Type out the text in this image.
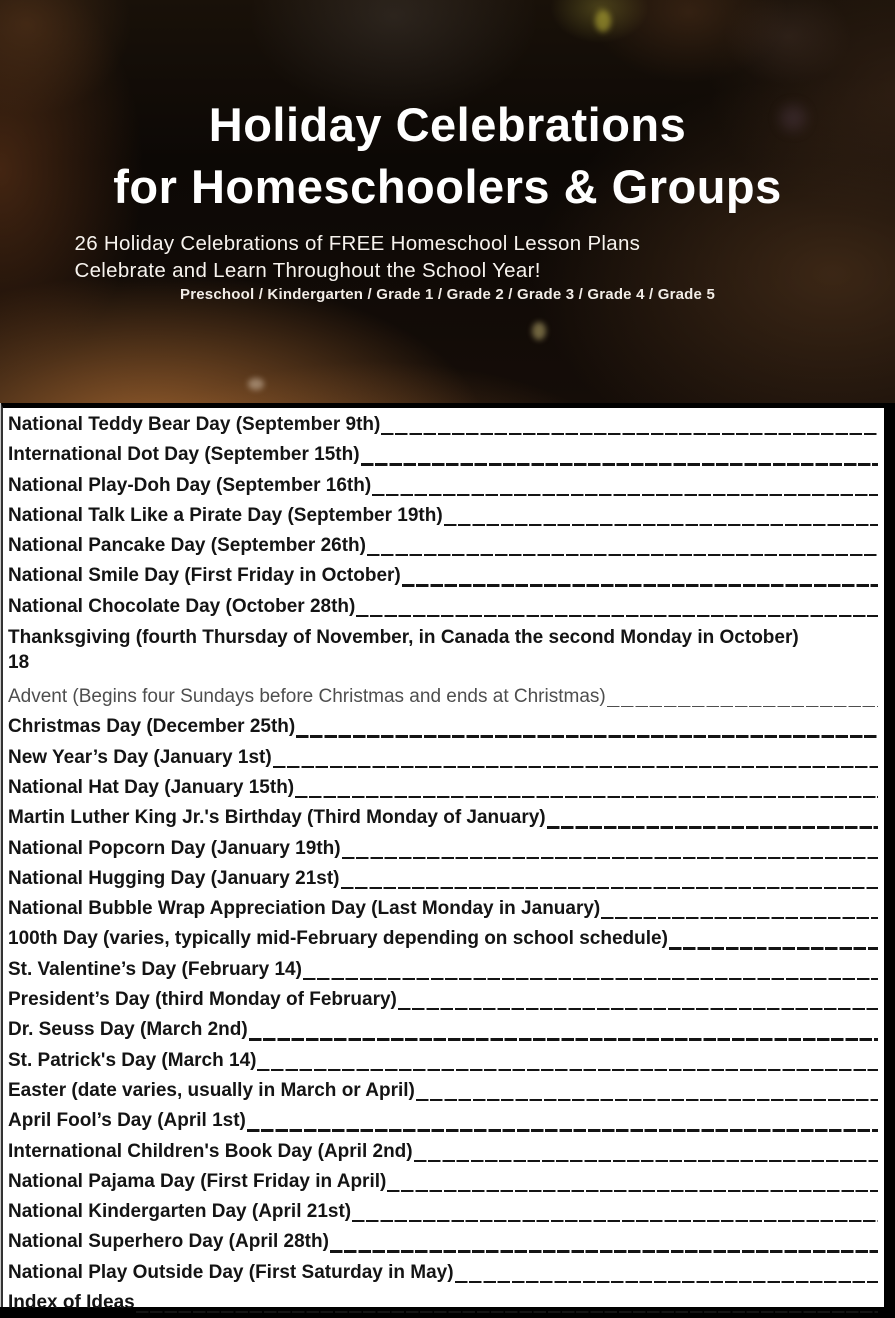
Holiday Celebrations
for Homeschoolers & Groups

26 Holiday Celebrations of FREE Homeschool Lesson Plans

Celebrate and Learn Throughout the School Year!

Preschool / Kindergarten / Grade 1 / Grade 2 / Grade 3 / Grade 4 / Grade 5

National Teddy Bear Day (September 9th)
International Dot Day (September 15th)
National Play-Doh Day (September 16th)
National Talk Like a Pirate Day (September 19th)
National Pancake Day (September 26th)
National Smile Day (First Friday in October)
National Chocolate Day (October 28th)
Thanksgiving (fourth Thursday of November, in Canada the second Monday in October)
18
Advent (Begins four Sundays before Christmas and ends at Christmas)
Christmas Day (December 25th)
New Year’s Day (January 1st)
National Hat Day (January 15th)
Martin Luther King Jr.'s Birthday (Third Monday of January)
National Popcorn Day (January 19th)
National Hugging Day (January 21st)
National Bubble Wrap Appreciation Day (Last Monday in January)
100th Day (varies, typically mid-February depending on school schedule)
St. Valentine’s Day (February 14)
President’s Day (third Monday of February)
Dr. Seuss Day (March 2nd)
St. Patrick's Day (March 14)
Easter (date varies, usually in March or April)
April Fool’s Day (April 1st)
International Children's Book Day (April 2nd)
National Pajama Day (First Friday in April)
National Kindergarten Day (April 21st)
National Superhero Day (April 28th)
National Play Outside Day (First Saturday in May)
Index of Ideas
